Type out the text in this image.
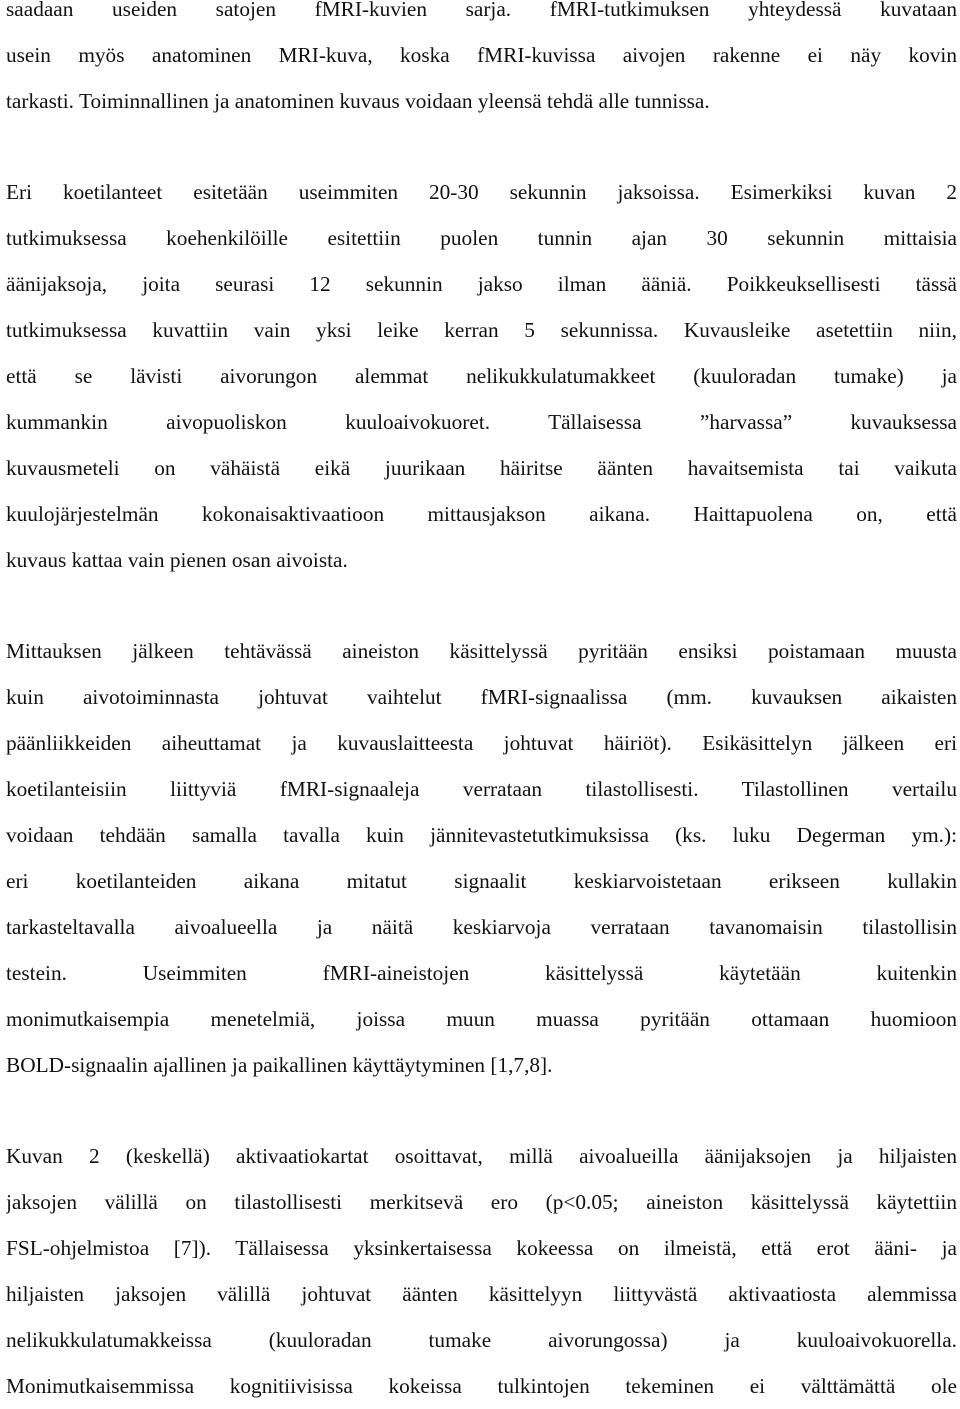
saadaan useiden satojen fMRI-kuvien sarja. fMRI-tutkimuksen yhteydessä kuvataan
usein myös anatominen MRI-kuva, koska fMRI-kuvissa aivojen rakenne ei näy kovin
tarkasti. Toiminnallinen ja anatominen kuvaus voidaan yleensä tehdä alle tunnissa.
Eri koetilanteet esitetään useimmiten 20-30 sekunnin jaksoissa. Esimerkiksi kuvan 2
tutkimuksessa koehenkilöille esitettiin puolen tunnin ajan 30 sekunnin mittaisia
äänijaksoja, joita seurasi 12 sekunnin jakso ilman ääniä. Poikkeuksellisesti tässä
tutkimuksessa kuvattiin vain yksi leike kerran 5 sekunnissa. Kuvausleike asetettiin niin,
että se lävisti aivorungon alemmat nelikukkulatumakkeet (kuuloradan tumake) ja
kummankin aivopuoliskon kuuloaivokuoret. Tällaisessa ”harvassa” kuvauksessa
kuvausmeteli on vähäistä eikä juurikaan häiritse äänten havaitsemista tai vaikuta
kuulojärjestelmän kokonaisaktivaatioon mittausjakson aikana. Haittapuolena on, että
kuvaus kattaa vain pienen osan aivoista.
Mittauksen jälkeen tehtävässä aineiston käsittelyssä pyritään ensiksi poistamaan muusta
kuin aivotoiminnasta johtuvat vaihtelut fMRI-signaalissa (mm. kuvauksen aikaisten
päänliikkeiden aiheuttamat ja kuvauslaitteesta johtuvat häiriöt). Esikäsittelyn jälkeen eri
koetilanteisiin liittyviä fMRI-signaaleja verrataan tilastollisesti. Tilastollinen vertailu
voidaan tehdään samalla tavalla kuin jännitevastetutkimuksissa (ks. luku Degerman ym.):
eri koetilanteiden aikana mitatut signaalit keskiarvoistetaan erikseen kullakin
tarkasteltavalla aivoalueella ja näitä keskiarvoja verrataan tavanomaisin tilastollisin
testein. Useimmiten fMRI-aineistojen käsittelyssä käytetään kuitenkin
monimutkaisempia menetelmiä, joissa muun muassa pyritään ottamaan huomioon
BOLD-signaalin ajallinen ja paikallinen käyttäytyminen [1,7,8].
Kuvan 2 (keskellä) aktivaatiokartat osoittavat, millä aivoalueilla äänijaksojen ja hiljaisten
jaksojen välillä on tilastollisesti merkitsevä ero (p<0.05; aineiston käsittelyssä käytettiin
FSL-ohjelmistoa [7]). Tällaisessa yksinkertaisessa kokeessa on ilmeistä, että erot ääni- ja
hiljaisten jaksojen välillä johtuvat äänten käsittelyyn liittyvästä aktivaatiosta alemmissa
nelikukkulatumakkeissa (kuuloradan tumake aivorungossa) ja kuuloaivokuorella.
Monimutkaisemmissa kognitiivisissa kokeissa tulkintojen tekeminen ei välttämättä ole
